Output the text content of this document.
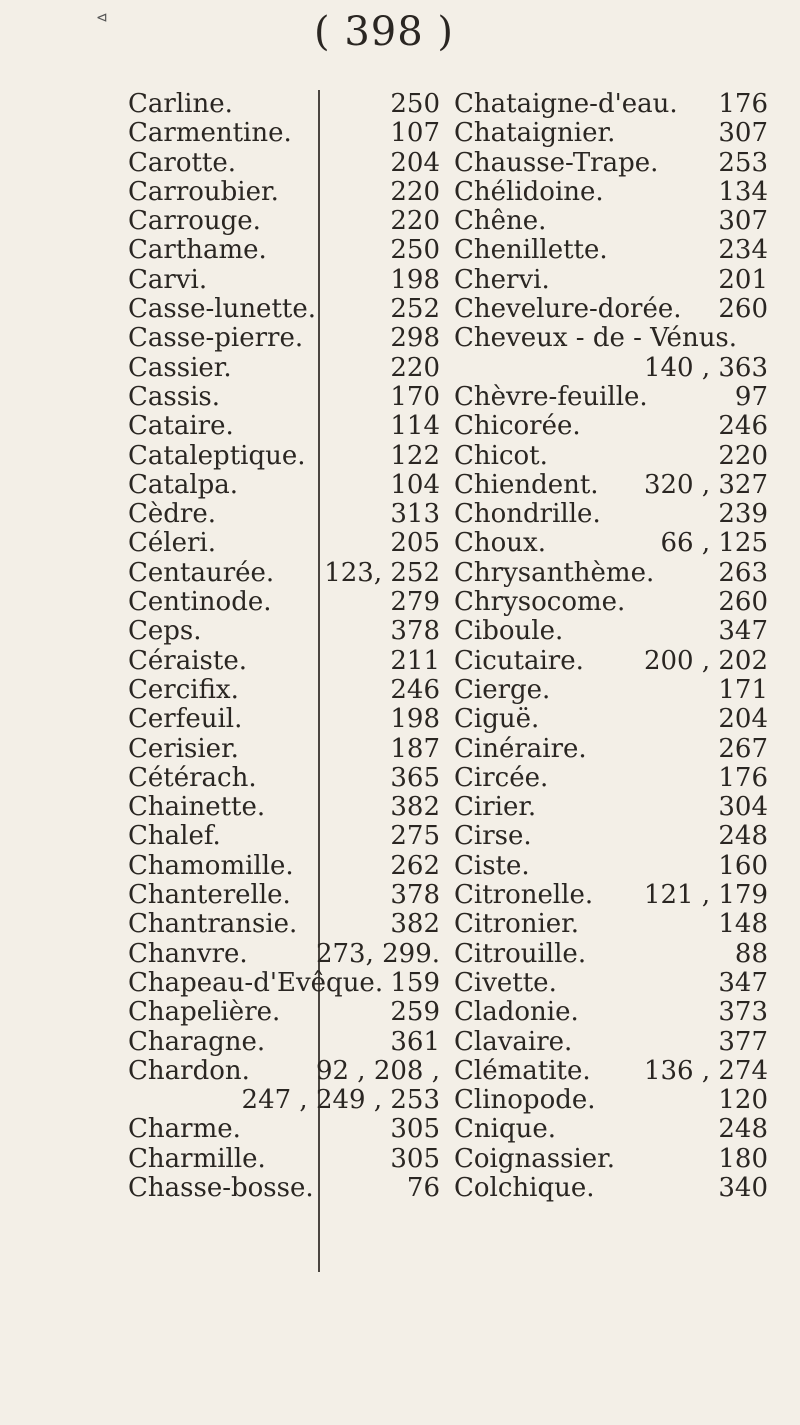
⊲	( 398 )
Carline.	250
Carmentine.	107
Carotte.	204
Carroubier.	220
Carrouge.	220
Carthame.	250
Carvi.	198
Casse-lunette.	252
Casse-pierre.	298
Cassier.	220
Cassis.	170
Cataire.	114
Cataleptique.	122
Catalpa.	104
Cèdre.	313
Céleri.	205
Centaurée. 123, 252
Centinode.	279
Ceps.	378
Céraiste.	211
Cercifix.	246
Cerfeuil.	198
Cerisier.	187
Cétérach.	365
Chainette.	382
Chalef.	275
Chamomille.	262
Chanterelle.	378
Chantransie.	382
Chanvre.	273, 299.
Chapeau-d'Evêque. 159
Chapelière.	259
Charagne.	361
Chardon.	92 , 208 ,
247 , 249 , 253
Charme.	305
Charmille.	305
Chasse-bosse.	76
Chataigne-d'eau. 176
Chataignier.	307
Chausse-Trape. 253
Chélidoine.	134
Chêne.	307
Chenillette.	234
Chervi.	201
Chevelure-dorée. 260
Cheveux - de - Vénus.
140 , 363
Chèvre-feuille.	97
Chicorée.	246
Chicot.	220
Chiendent. 320 , 327
Chondrille.	239
Choux.	66 , 125
Chrysanthème. 263
Chrysocome.	260
Ciboule.	347
Cicutaire. 200 , 202
Cierge.	171
Ciguë.	204
Cinéraire.	267
Circée.	176
Cirier.	304
Cirse.	248
Ciste.	160
Citronelle. 121 , 179
Citronier.	148
Citrouille.	88
Civette.	347
Cladonie.	373
Clavaire.	377
Clématite. 136 , 274
Clinopode.	120
Cnique.	248
Coignassier.	180
Colchique.	340
